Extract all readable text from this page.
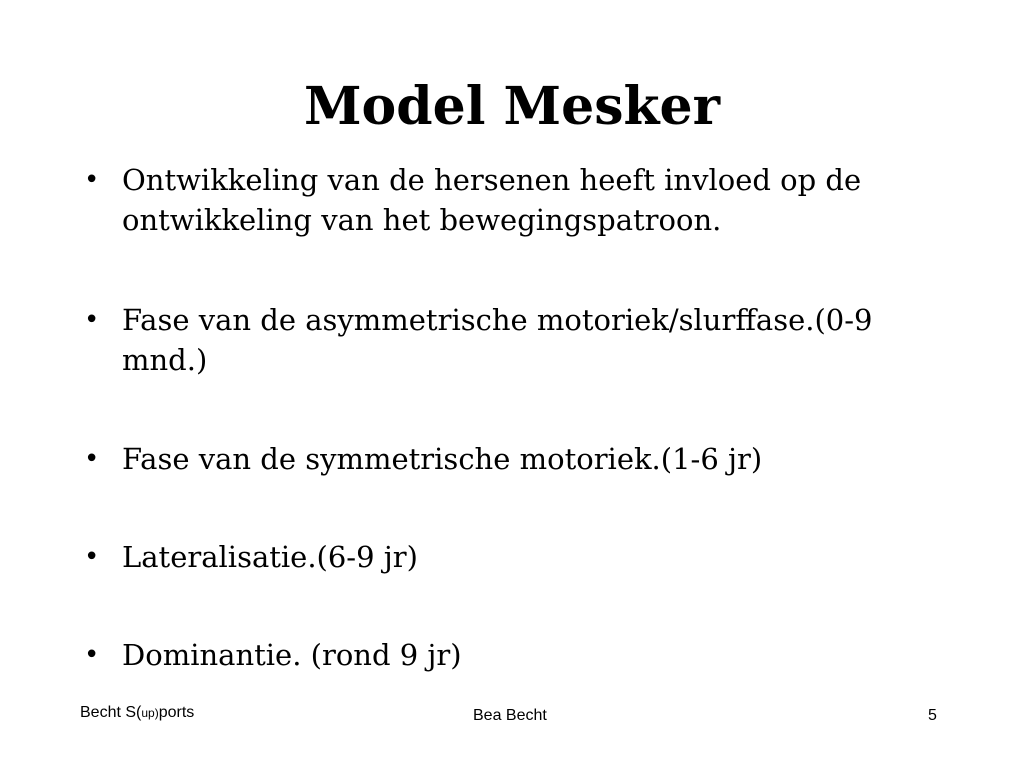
Model Mesker
• Ontwikkeling van de hersenen heeft invloed op de ontwikkeling van het bewegingspatroon.
• Fase van de asymmetrische motoriek/slurffase.(0-9 mnd.)
• Fase van de symmetrische motoriek.(1-6 jr)
• Lateralisatie.(6-9 jr)
• Dominantie. (rond 9 jr)
Becht S(up)ports	Bea Becht	5
